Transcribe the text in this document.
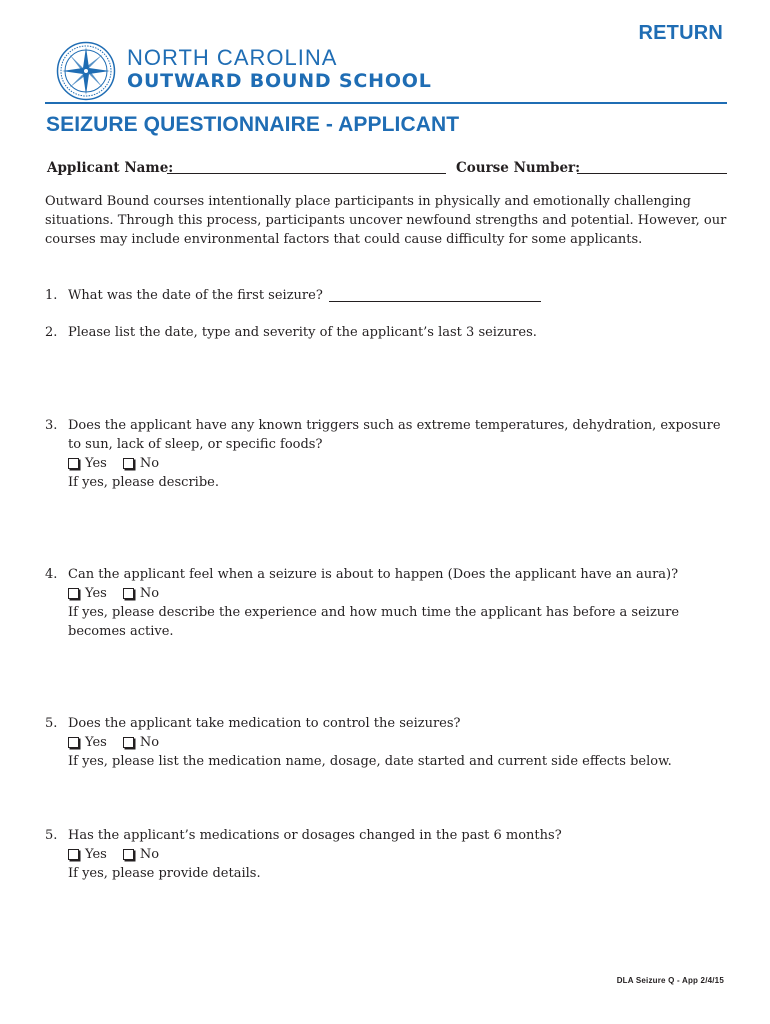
RETURN
NORTH CAROLINA
OUTWARD BOUND SCHOOL
SEIZURE QUESTIONNAIRE - APPLICANT
Applicant Name:	Course Number:
Outward Bound courses intentionally place participants in physically and emotionally challenging situations. Through this process, participants uncover newfound strengths and potential. However, our courses may include environmental factors that could cause difficulty for some applicants.
1. What was the date of the first seizure?
2. Please list the date, type and severity of the applicant’s last 3 seizures.
3. Does the applicant have any known triggers such as extreme temperatures, dehydration, exposure to sun, lack of sleep, or specific foods?
Yes	No
If yes, please describe.
4. Can the applicant feel when a seizure is about to happen (Does the applicant have an aura)?
Yes	No
If yes, please describe the experience and how much time the applicant has before a seizure becomes active.
5. Does the applicant take medication to control the seizures?
Yes	No
If yes, please list the medication name, dosage, date started and current side effects below.
5. Has the applicant’s medications or dosages changed in the past 6 months?
Yes	No
If yes, please provide details.
DLA Seizure Q - App 2/4/15
